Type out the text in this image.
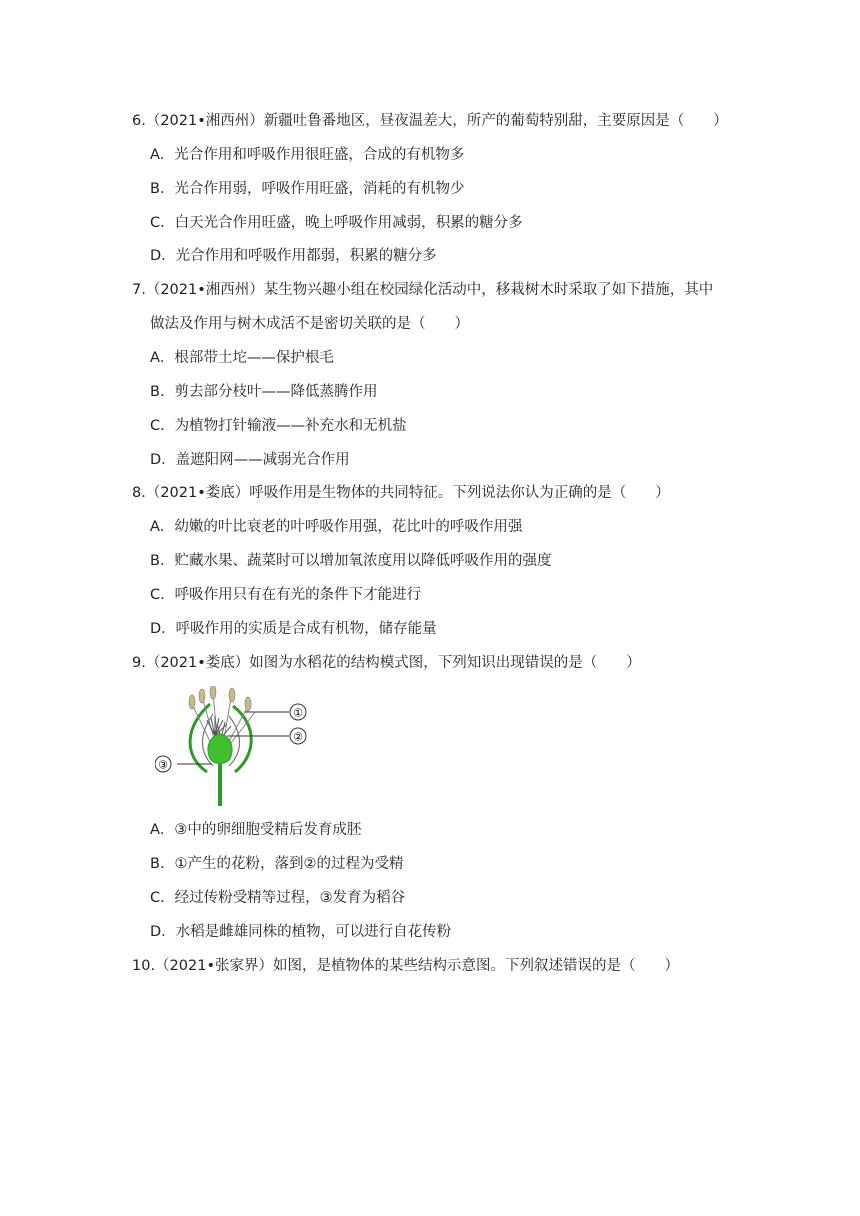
6.（2021•湘西州）新疆吐鲁番地区，昼夜温差大，所产的葡萄特别甜，主要原因是（　　）
A．光合作用和呼吸作用很旺盛，合成的有机物多
B．光合作用弱，呼吸作用旺盛，消耗的有机物少
C．白天光合作用旺盛，晚上呼吸作用减弱，积累的糖分多
D．光合作用和呼吸作用都弱，积累的糖分多
7.（2021•湘西州）某生物兴趣小组在校园绿化活动中，移栽树木时采取了如下措施，其中
做法及作用与树木成活不是密切关联的是（　　）
A．根部带土坨——保护根毛
B．剪去部分枝叶——降低蒸腾作用
C．为植物打针输液——补充水和无机盐
D．盖遮阳网——减弱光合作用
8.（2021•娄底）呼吸作用是生物体的共同特征。下列说法你认为正确的是（　　）
A．幼嫩的叶比衰老的叶呼吸作用强，花比叶的呼吸作用强
B．贮藏水果、蔬菜时可以增加氧浓度用以降低呼吸作用的强度
C．呼吸作用只有在有光的条件下才能进行
D．呼吸作用的实质是合成有机物，储存能量
9.（2021•娄底）如图为水稻花的结构模式图，下列知识出现错误的是（　　）
①
②
③
A．③中的卵细胞受精后发育成胚
B．①产生的花粉，落到②的过程为受精
C．经过传粉受精等过程，③发育为稻谷
D．水稻是雌雄同株的植物，可以进行自花传粉
10.（2021•张家界）如图，是植物体的某些结构示意图。下列叙述错误的是（　　）
